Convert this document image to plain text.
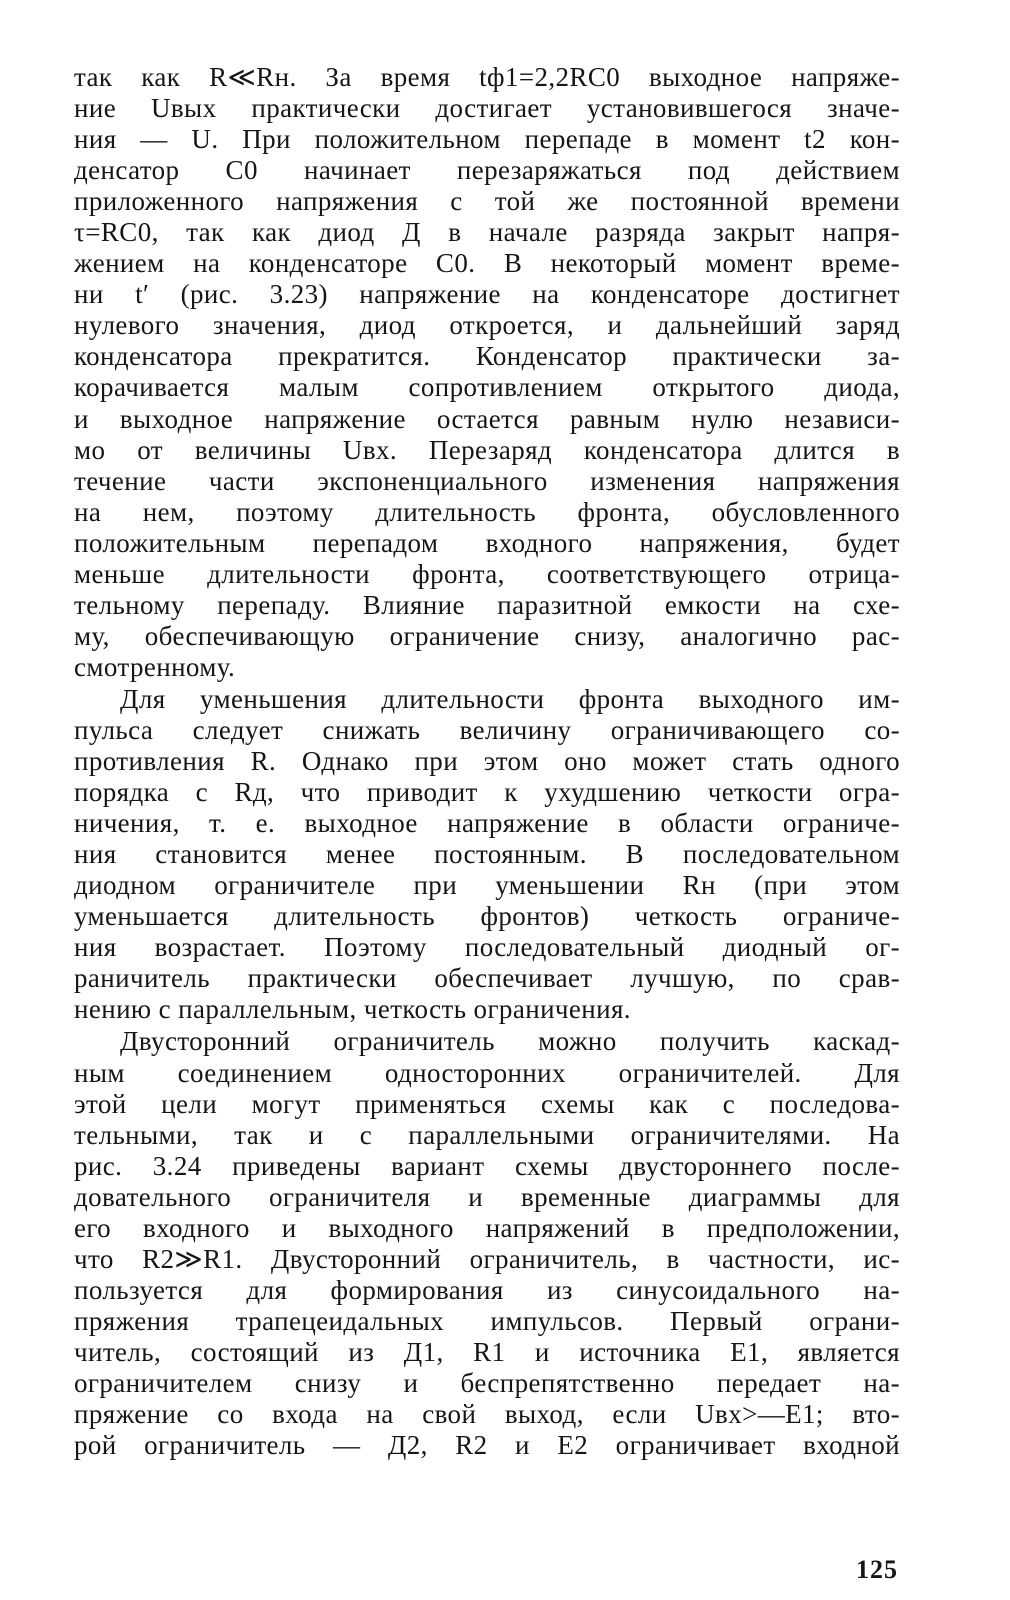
так как R≪Rн. За время tф1=2,2RC0 выходное напряже-
ние Uвых практически достигает установившегося значе-
ния — U. При положительном перепаде в момент t2 кон-
денсатор C0 начинает перезаряжаться под действием
приложенного напряжения с той же постоянной времени
τ=RC0, так как диод Д в начале разряда закрыт напря-
жением на конденсаторе C0. В некоторый момент време-
ни t′ (рис. 3.23) напряжение на конденсаторе достигнет
нулевого значения, диод откроется, и дальнейший заряд
конденсатора прекратится. Конденсатор практически за-
корачивается малым сопротивлением открытого диода,
и выходное напряжение остается равным нулю независи-
мо от величины Uвх. Перезаряд конденсатора длится в
течение части экспоненциального изменения напряжения
на нем, поэтому длительность фронта, обусловленного
положительным перепадом входного напряжения, будет
меньше длительности фронта, соответствующего отрица-
тельному перепаду. Влияние паразитной емкости на схе-
му, обеспечивающую ограничение снизу, аналогично рас-
смотренному.
Для уменьшения длительности фронта выходного им-
пульса следует снижать величину ограничивающего со-
противления R. Однако при этом оно может стать одного
порядка с Rд, что приводит к ухудшению четкости огра-
ничения, т. е. выходное напряжение в области ограниче-
ния становится менее постоянным. В последовательном
диодном ограничителе при уменьшении Rн (при этом
уменьшается длительность фронтов) четкость ограниче-
ния возрастает. Поэтому последовательный диодный ог-
раничитель практически обеспечивает лучшую, по срав-
нению с параллельным, четкость ограничения.
Двусторонний ограничитель можно получить каскад-
ным соединением односторонних ограничителей. Для
этой цели могут применяться схемы как с последова-
тельными, так и с параллельными ограничителями. На
рис. 3.24 приведены вариант схемы двустороннего после-
довательного ограничителя и временные диаграммы для
его входного и выходного напряжений в предположении,
что R2≫R1. Двусторонний ограничитель, в частности, ис-
пользуется для формирования из синусоидального на-
пряжения трапецеидальных импульсов. Первый ограни-
читель, состоящий из Д1, R1 и источника E1, является
ограничителем снизу и беспрепятственно передает на-
пряжение со входа на свой выход, если Uвх>—E1; вто-
рой ограничитель — Д2, R2 и E2 ограничивает входной
125
